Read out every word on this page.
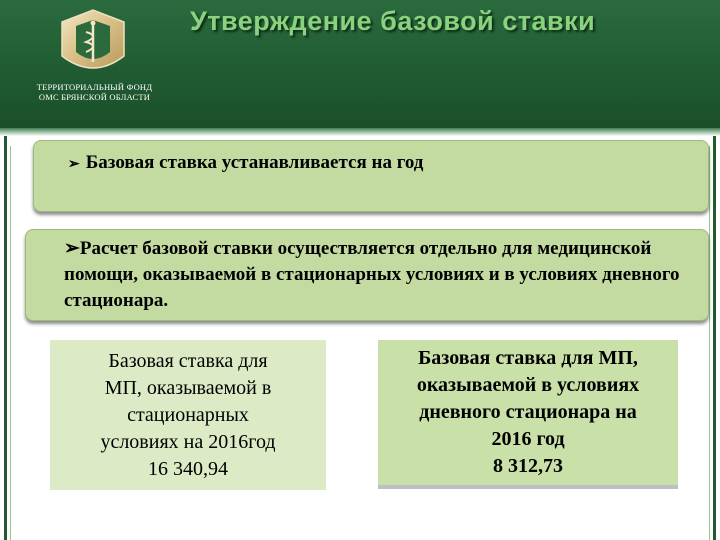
ТЕРРИТОРИАЛЬНЫЙ ФОНД
ОМС БРЯНСКОЙ ОБЛАСТИ
Утверждение базовой ставки
➢ Базовая ставка устанавливается на год
➢Расчет базовой ставки осуществляется отдельно для медицинской помощи, оказываемой в стационарных условиях и в условиях дневного стационара.
Базовая ставка для
МП, оказываемой в
стационарных
условиях на 2016год
16 340,94
Базовая ставка для МП,
оказываемой в условиях
дневного стационара на
2016 год
8 312,73
